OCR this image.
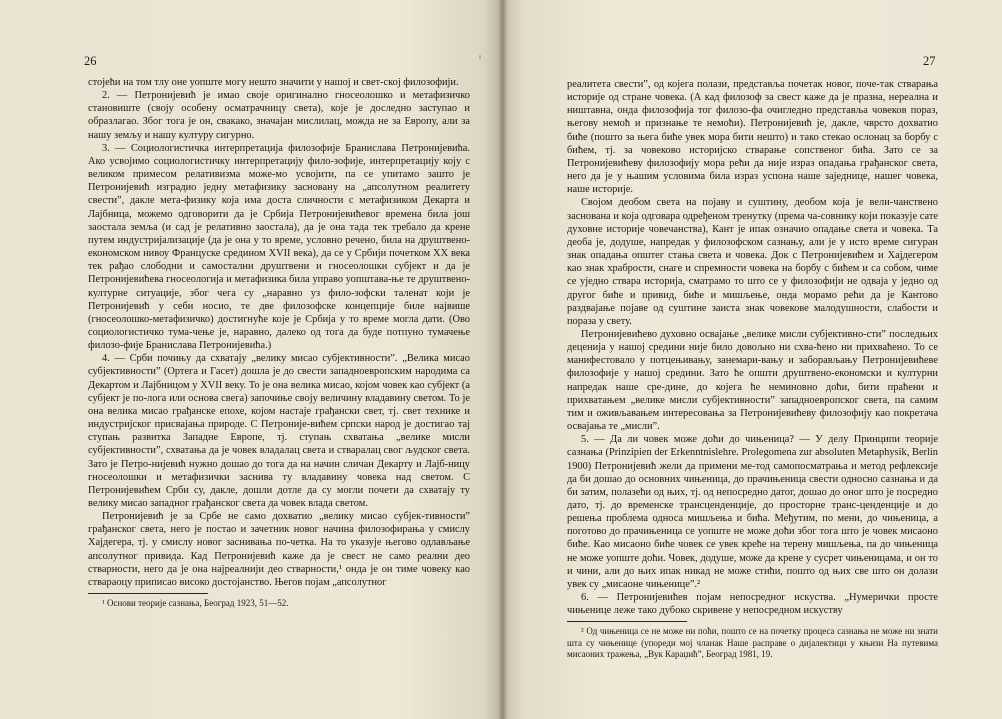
26

стојећи на том тлу оне уопште могу нешто значити у нашој и свет-ској филозофији.

2. — Петронијевић је имао своје оригинално гносеолошко и метафизичко становиште (своју особену осматрачницу света), које је доследно заступао и образлагао. Због тога је он, свакако, значајан мислилац, можда не за Европу, али за нашу земљу и нашу културу сигурно.

3. — Социологистичка интерпретација филозофије Бранислава Петронијевића. Ако усвојимо социологистичку интерпретацију фило-зофије, интерпретацију коју с великом примесом релативизма може-мо усвојити, па се упитамо зашто је Петронијевић изградио једну метафизику засновану на „апсолутном реалитету свести”, дакле мета-физику која има доста сличности с метафизиком Декарта и Лајбница, можемо одговорити да је Србија Петронијевићевог времена била још заостала земља (и сад је релативно заостала), да је она тада тек требало да крене путем индустријализације (да је она у то време, условно речено, била на друштвено-економском нивоу Француске средином XVII века), да се у Србији почетком XX века тек рађао слободни и самостални друштвени и гносеолошки субјект и да је Петронијевићева гносеологија и метафизика била управо уопштава-ње те друштвено-културне ситуације, због чега су „наравно уз фило-зофски таленат који је Петронијевић у себи носио, те две филозофске концепције биле највише (гносеолошко-метафизичко) достигнуће које је Србија у то време могла дати. (Ово социологистичко тума-чење је, наравно, далеко од тога да буде потпуно тумачење филозо-фије Бранислава Петронијевића.)

4. — Срби почињу да схватају „велику мисао субјективности”. „Велика мисао субјективности” (Ортега и Гасет) дошла је до свести западноевропским народима са Декартом и Лајбницом у XVII веку. То је она велика мисао, којом човек као субјект (а субјект је по-лога или основа свега) започиње своју величину владавину светом. То је она велика мисао грађанске епохе, којом настаје грађански свет, тј. свет технике и индустријског присвајања природе. С Петроније-вићем српски народ је достигао тај ступањ развитка Западне Европе, тј. ступањ схватања „велике мисли субјективности”, схватања да је човек владалац света и стваралац свог људског света. Зато је Петро-нијевић нужно дошао до тога да на начин сличан Декарту и Лајб-ницу гносеолошки и метафизички заснива ту владавину човека над светом. С Петронијевићем Срби су, дакле, дошли дотле да су могли почети да схватају ту велику мисао западног грађанског света да човек влада светом.

Петронијевић је за Србе не само дохватио „велику мисао субјек-тивности” грађанског света, него је постао и зачетник новог начина филозофирања у смислу Хајдегера, тј. у смислу новог заснивања по-четка. На то указује његово одлављање апсолутног привида. Кад Петронијевић каже да је свест не само реални део стварности, него да је она најреалнији део стварности,¹ онда је он тиме човеку као ствараоцу приписао високо достојанство. Његов појам „апсолутног

¹ Основи теорије сазнања, Београд 1923, 51—52.

27

реалитета свести”, од којега полази, представља почетак новог, поче-так стварања историје од стране човека. (А кад филозоф за свест каже да је празна, нереална и ништавна, онда филозофија тог филозо-фа очигледно представља човеков пораз, његову немоћ и признање те немоћи). Петронијевић је, дакле, чврсто дохватио биће (пошто за њега биће увек мора бити нешто) и тако стекао ослонац за борбу с бићем, тј. за човеково историјско стварање сопственог бића. Зато се за Петронијевићеву филозофију мора рећи да није израз опадања грађанског света, него да је у њашим условима била израз успона наше заједнице, нашег човека, наше историје.

Својом деобом света на појаву и суштину, деобом која је вели-чанствено заснована и која одговара одређеном тренутку (према ча-совнику који показује сате духовне историје човечанства), Кант је ипак означио опадање света и човека. Та деоба је, додуше, напредак у филозофском сазнању, али је у исто време сигуран знак опадања општег стања света и човека. Док с Петронијевићем и Хајдегером као знак храбрости, снаге и спремности човека на борбу с бићем и са собом, чиме се уједно ствара историја, сматрамо то што се у филозофији не одваја у једно од другог биће и привид, биће и мишљење, онда морамо рећи да је Кантово раздвајање појаве од суштине заиста знак човекове малодушности, слабости и пораза у свету.

Петронијевићево духовно освајање „велике мисли субјективно-сти” последњих деценија у нашој средини није било довољно ни схва-ћено ни прихваћено. То се манифестовало у потцењивању, занемари-вању и заборављању Петронијевићеве филозофије у нашој средини. Зато ће општи друштвено-економски и културни напредак наше сре-дине, до којега ће неминовно доћи, бити праћени и прихватањем „велике мисли субјективности” западноевропског света, па самим тим и оживљавањем интересовања за Петронијевићеву филозофију као покретача освајања те „мисли”.

5. — Да ли човек може доћи до чињеница? — У делу Принципи теорије сазнања (Prinzipien der Erkenntnislehre. Prolegomena zur absoluten Metaphysik, Berlin 1900) Петронијевић жели да примени ме-тод самопосматрања и метод рефлексије да би дошао до основних чињеница, до прачињеница свести односно сазнања и да би затим, полазећи од њих, тј. од непосредно датог, дошао до оног што је посредно дато, тј. до временске трансценденције, до просторне транс-ценденције и до решења проблема односа мишљења и бића. Међутим, по мени, до чињеница, а поготово до прачињеница се уопште не може доћи због тога што је човек мисаоно биће. Као мисаоно биће човек се увек креће на терену мишљења, па до чињеница не може уопште доћи. Човек, додуше, може да крене у сусрет чињеницама, и он то и чини, али до њих ипак никад не може стићи, пошто од њих све што он долази увек су „мисаоне чињенице”.²

6. — Петронијевићев појам непосредног искуства. „Нумерички просте чињенице леже тако дубоко скривене у непосредном искуству

² Од чињеница се не може ни поћи, пошто се на почетку процеса сазнања не може ни знати шта су чињенице (упореди мој чланак Наше расправе о дијалектици у књизи На путевима мисаоних тражења, „Вук Караџић”, Београд 1981, 19.
